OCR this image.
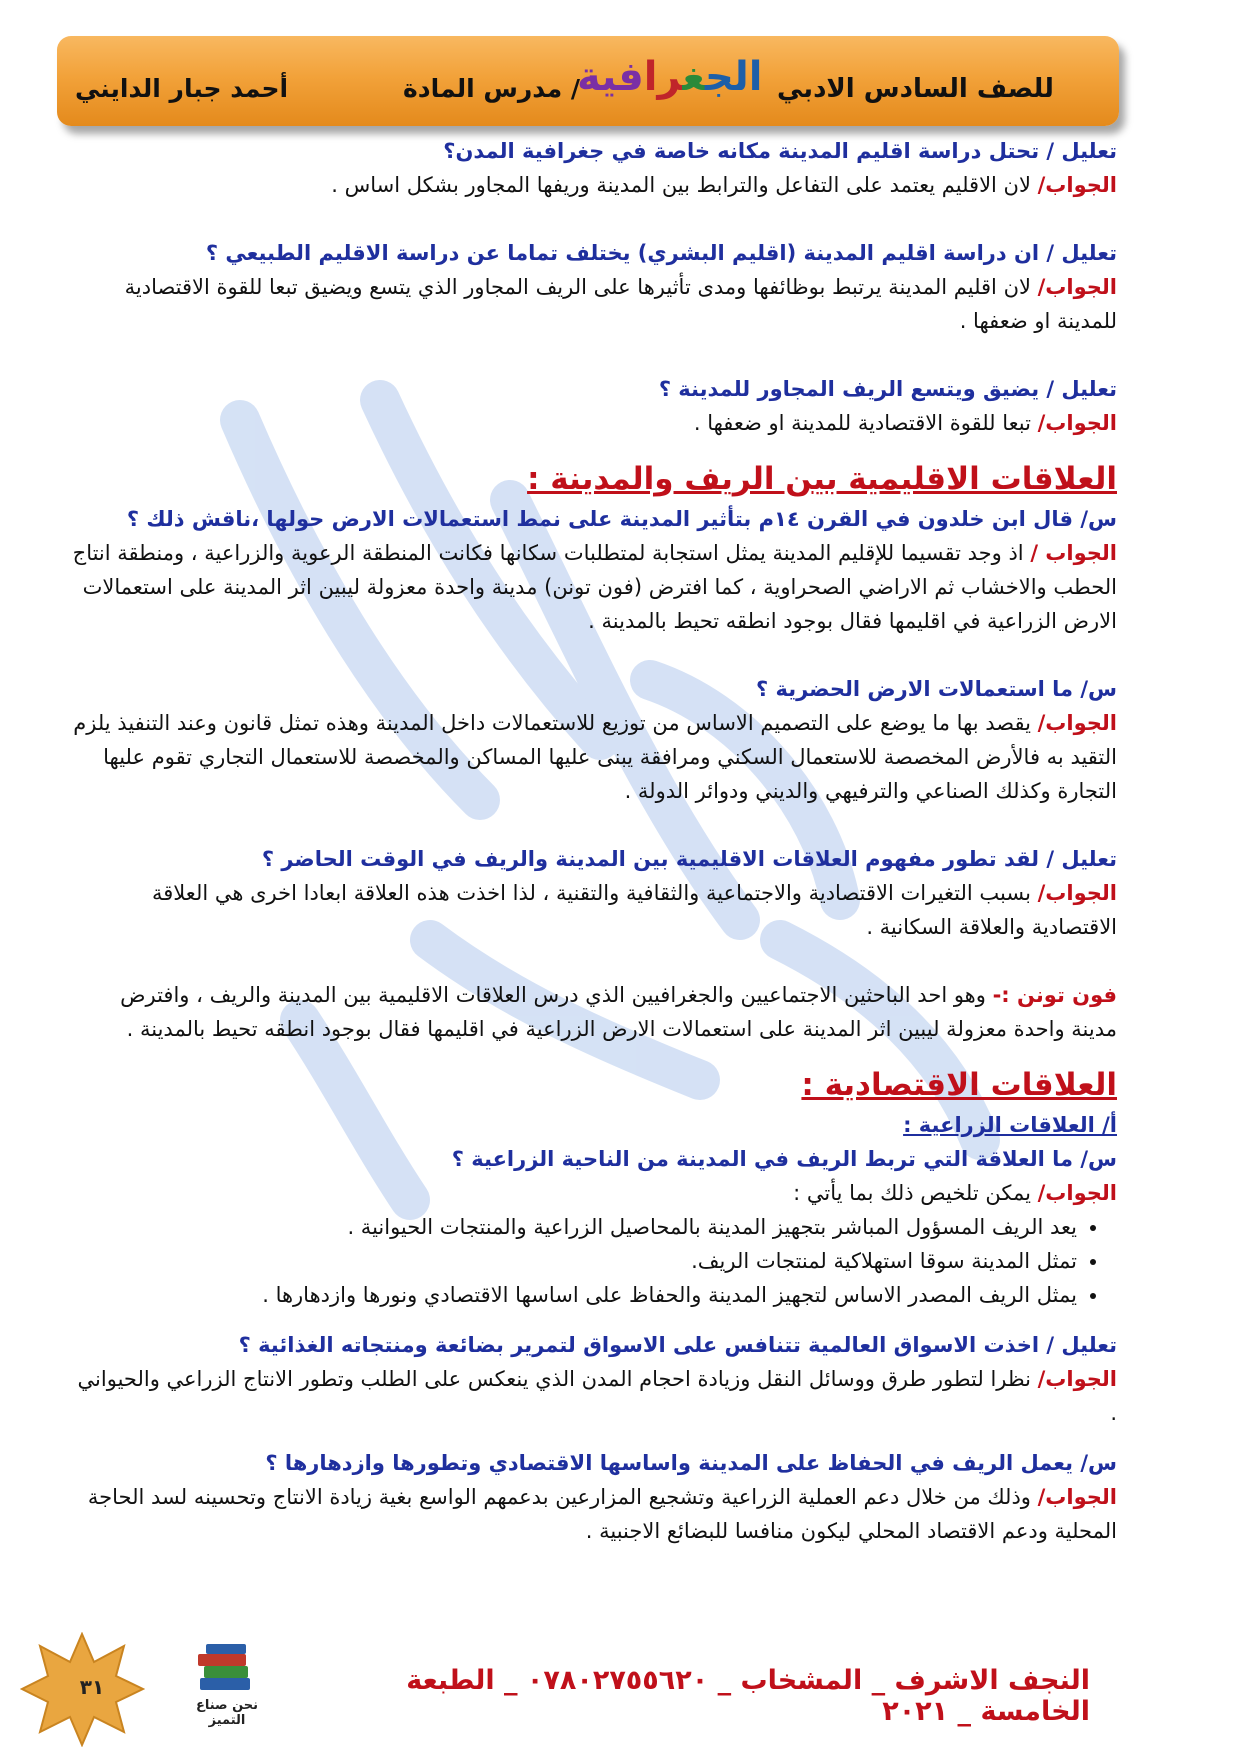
أحمد جبار الدايني	مدرس المادة /	الجغرافية	للصف السادس الادبي
تعليل / تحتل دراسة اقليم المدينة مكانه خاصة في جغرافية المدن؟
الجواب/ لان الاقليم يعتمد على التفاعل والترابط بين المدينة وريفها المجاور بشكل اساس .
تعليل / ان دراسة اقليم المدينة (اقليم البشري) يختلف تماما عن دراسة الاقليم الطبيعي ؟
الجواب/ لان اقليم المدينة يرتبط بوظائفها ومدى تأثيرها على الريف المجاور الذي يتسع ويضيق تبعا للقوة الاقتصادية للمدينة او ضعفها .
تعليل / يضيق ويتسع الريف المجاور للمدينة ؟
الجواب/ تبعا للقوة الاقتصادية للمدينة او ضعفها .
العلاقات الاقليمية بين الريف والمدينة :
س/ قال ابن خلدون في القرن ١٤م بتأثير المدينة على نمط استعمالات الارض حولها ،ناقش ذلك ؟
الجواب / اذ وجد تقسيما للإقليم المدينة يمثل استجابة لمتطلبات سكانها فكانت المنطقة الرعوية والزراعية ، ومنطقة انتاج الحطب والاخشاب ثم الاراضي الصحراوية ، كما افترض (فون تونن) مدينة واحدة معزولة ليبين اثر المدينة على استعمالات الارض الزراعية في اقليمها فقال بوجود انطقه تحيط بالمدينة .
س/ ما استعمالات الارض الحضرية ؟
الجواب/ يقصد بها ما يوضع على التصميم الاساس من توزيع للاستعمالات داخل المدينة وهذه تمثل قانون وعند التنفيذ يلزم التقيد به فالأرض المخصصة للاستعمال السكني ومرافقة يبنى عليها المساكن والمخصصة للاستعمال التجاري تقوم عليها التجارة وكذلك الصناعي والترفيهي والديني ودوائر الدولة .
تعليل / لقد تطور مفهوم العلاقات الاقليمية بين المدينة والريف في الوقت الحاضر ؟
الجواب/ بسبب التغيرات الاقتصادية والاجتماعية والثقافية والتقنية ، لذا اخذت هذه العلاقة ابعادا اخرى هي العلاقة الاقتصادية والعلاقة السكانية .
فون تونن :- وهو احد الباحثين الاجتماعيين والجغرافيين الذي درس العلاقات الاقليمية بين المدينة والريف ، وافترض مدينة واحدة معزولة ليبين اثر المدينة على استعمالات الارض الزراعية في اقليمها فقال بوجود انطقه تحيط بالمدينة .
العلاقات الاقتصادية :
أ/ العلاقات الزراعية :
س/ ما العلاقة التي تربط الريف في المدينة من الناحية الزراعية ؟
الجواب/ يمكن تلخيص ذلك بما يأتي :
• يعد الريف المسؤول المباشر بتجهيز المدينة بالمحاصيل الزراعية والمنتجات الحيوانية .
• تمثل المدينة سوقا استهلاكية لمنتجات الريف.
• يمثل الريف المصدر الاساس لتجهيز المدينة والحفاظ على اساسها الاقتصادي ونورها وازدهارها .
تعليل / اخذت الاسواق العالمية تتنافس على الاسواق لتمرير بضائعة ومنتجاته الغذائية ؟
الجواب/ نظرا لتطور طرق ووسائل النقل وزيادة احجام المدن الذي ينعكس على الطلب وتطور الانتاج الزراعي والحيواني .
س/ يعمل الريف في الحفاظ على المدينة واساسها الاقتصادي وتطورها وازدهارها ؟
الجواب/ وذلك من خلال دعم العملية الزراعية وتشجيع المزارعين بدعمهم الواسع بغية زيادة الانتاج وتحسينه لسد الحاجة المحلية ودعم الاقتصاد المحلي ليكون منافسا للبضائع الاجنبية .
٣١
نحن صناع التميز
النجف الاشرف _ المشخاب _ ٠٧٨٠٢٧٥٥٦٢٠ _ الطبعة الخامسة _ ٢٠٢١
